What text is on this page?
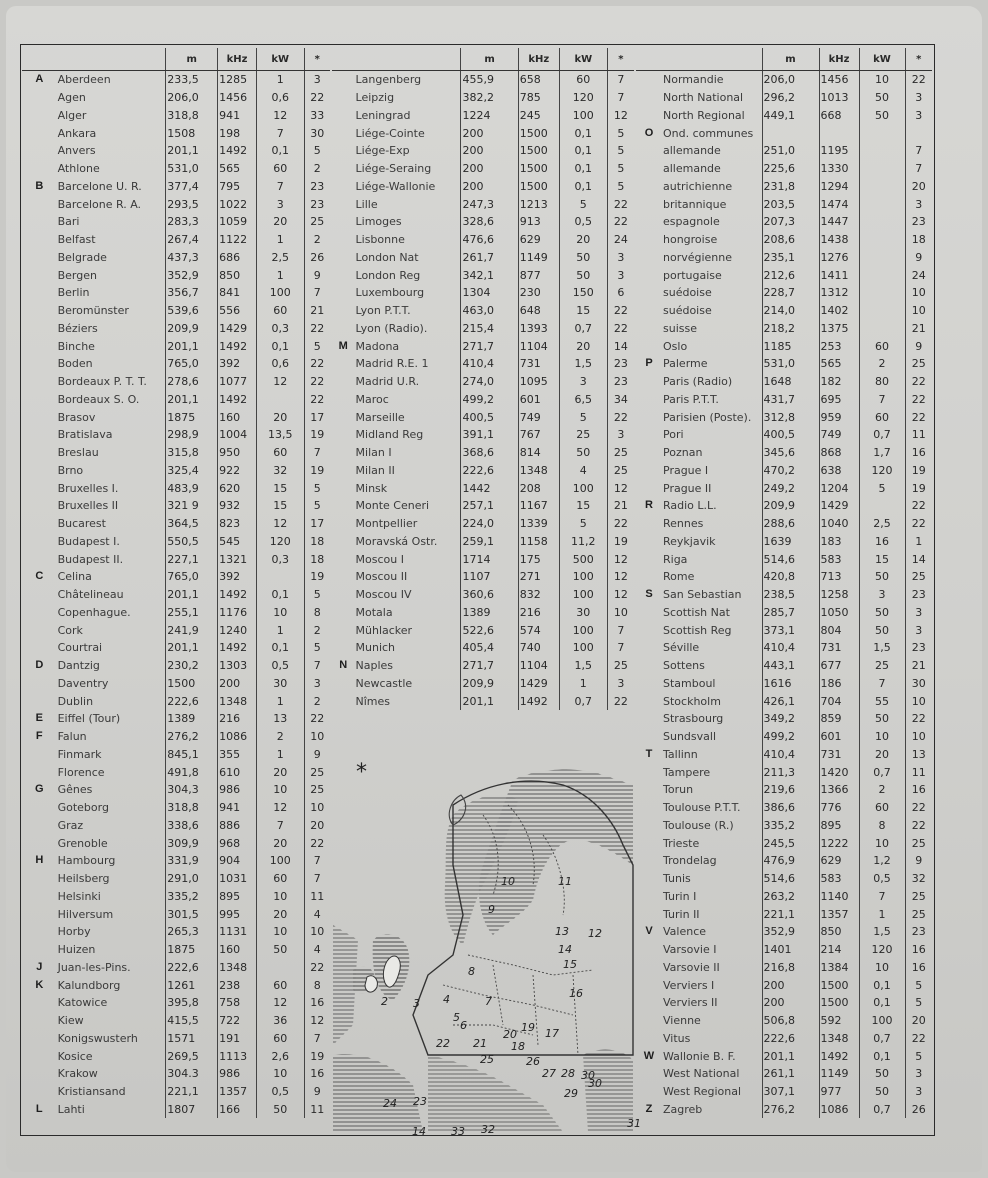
		m	kHz	kW	*
A	Aberdeen	233,5	1285	1	3
	Agen	206,0	1456	0,6	22
	Alger	318,8	941	12	33
	Ankara	1508	198	7	30
	Anvers	201,1	1492	0,1	5
	Athlone	531,0	565	60	2
B	Barcelone U. R.	377,4	795	7	23
	Barcelone R. A.	293,5	1022	3	23
	Bari	283,3	1059	20	25
	Belfast	267,4	1122	1	2
	Belgrade	437,3	686	2,5	26
	Bergen	352,9	850	1	9
	Berlin	356,7	841	100	7
	Beromünster	539,6	556	60	21
	Béziers	209,9	1429	0,3	22
	Binche	201,1	1492	0,1	5
	Boden	765,0	392	0,6	22
	Bordeaux P. T. T.	278,6	1077	12	22
	Bordeaux S. O.	201,1	1492		22
	Brasov	1875	160	20	17
	Bratislava	298,9	1004	13,5	19
	Breslau	315,8	950	60	7
	Brno	325,4	922	32	19
	Bruxelles I.	483,9	620	15	5
	Bruxelles II	321 9	932	15	5
	Bucarest	364,5	823	12	17
	Budapest I.	550,5	545	120	18
	Budapest II.	227,1	1321	0,3	18
C	Celina	765,0	392		19
	Châtelineau	201,1	1492	0,1	5
	Copenhague.	255,1	1176	10	8
	Cork	241,9	1240	1	2
	Courtrai	201,1	1492	0,1	5
D	Dantzig	230,2	1303	0,5	7
	Daventry	1500	200	30	3
	Dublin	222,6	1348	1	2
E	Eiffel (Tour)	1389	216	13	22
F	Falun	276,2	1086	2	10
	Finmark	845,1	355	1	9
	Florence	491,8	610	20	25
G	Gênes	304,3	986	10	25
	Goteborg	318,8	941	12	10
	Graz	338,6	886	7	20
	Grenoble	309,9	968	20	22
H	Hambourg	331,9	904	100	7
	Heilsberg	291,0	1031	60	7
	Helsinki	335,2	895	10	11
	Hilversum	301,5	995	20	4
	Horby	265,3	1131	10	10
	Huizen	1875	160	50	4
J	Juan-les-Pins.	222,6	1348		22
K	Kalundborg	1261	238	60	8
	Katowice	395,8	758	12	16
	Kiew	415,5	722	36	12
	Konigswusterh	1571	191	60	7
	Kosice	269,5	1113	2,6	19
	Krakow	304.3	986	10	16
	Kristiansand	221,1	1357	0,5	9
L	Lahti	1807	166	50	11
		m	kHz	kW	*
	Langenberg	455,9	658	60	7
	Leipzig	382,2	785	120	7
	Leningrad	1224	245	100	12
	Liége-Cointe	200	1500	0,1	5
	Liége-Exp	200	1500	0,1	5
	Liége-Seraing	200	1500	0,1	5
	Liége-Wallonie	200	1500	0,1	5
	Lille	247,3	1213	5	22
	Limoges	328,6	913	0,5	22
	Lisbonne	476,6	629	20	24
	London Nat	261,7	1149	50	3
	London Reg	342,1	877	50	3
	Luxembourg	1304	230	150	6
	Lyon P.T.T.	463,0	648	15	22
	Lyon (Radio).	215,4	1393	0,7	22
M	Madona	271,7	1104	20	14
	Madrid R.E. 1	410,4	731	1,5	23
	Madrid U.R.	274,0	1095	3	23
	Maroc	499,2	601	6,5	34
	Marseille	400,5	749	5	22
	Midland Reg	391,1	767	25	3
	Milan I	368,6	814	50	25
	Milan II	222,6	1348	4	25
	Minsk	1442	208	100	12
	Monte Ceneri	257,1	1167	15	21
	Montpellier	224,0	1339	5	22
	Moravská Ostr.	259,1	1158	11,2	19
	Moscou I	1714	175	500	12
	Moscou II	1107	271	100	12
	Moscou IV	360,6	832	100	12
	Motala	1389	216	30	10
	Mühlacker	522,6	574	100	7
	Munich	405,4	740	100	7
N	Naples	271,7	1104	1,5	25
	Newcastle	209,9	1429	1	3
	Nîmes	201,1	1492	0,7	22
		m	kHz	kW	*
	Normandie	206,0	1456	10	22
	North National	296,2	1013	50	3
	North Regional	449,1	668	50	3
O	Ond. communes				
	allemande	251,0	1195		7
	allemande	225,6	1330		7
	autrichienne	231,8	1294		20
	britannique	203,5	1474		3
	espagnole	207,3	1447		23
	hongroise	208,6	1438		18
	norvégienne	235,1	1276		9
	portugaise	212,6	1411		24
	suédoise	228,7	1312		10
	suédoise	214,0	1402		10
	suisse	218,2	1375		21
	Oslo	1185	253	60	9
P	Palerme	531,0	565	2	25
	Paris (Radio)	1648	182	80	22
	Paris P.T.T.	431,7	695	7	22
	Parisien (Poste).	312,8	959	60	22
	Pori	400,5	749	0,7	11
	Poznan	345,6	868	1,7	16
	Prague I	470,2	638	120	19
	Prague II	249,2	1204	5	19
R	Radio L.L.	209,9	1429		22
	Rennes	288,6	1040	2,5	22
	Reykjavik	1639	183	16	1
	Riga	514,6	583	15	14
	Rome	420,8	713	50	25
S	San Sebastian	238,5	1258	3	23
	Scottish Nat	285,7	1050	50	3
	Scottish Reg	373,1	804	50	3
	Séville	410,4	731	1,5	23
	Sottens	443,1	677	25	21
	Stamboul	1616	186	7	30
	Stockholm	426,1	704	55	10
	Strasbourg	349,2	859	50	22
	Sundsvall	499,2	601	10	10
T	Tallinn	410,4	731	20	13
	Tampere	211,3	1420	0,7	11
	Torun	219,6	1366	2	16
	Toulouse P.T.T.	386,6	776	60	22
	Toulouse (R.)	335,2	895	8	22
	Trieste	245,5	1222	10	25
	Trondelag	476,9	629	1,2	9
	Tunis	514,6	583	0,5	32
	Turin I	263,2	1140	7	25
	Turin II	221,1	1357	1	25
V	Valence	352,9	850	1,5	23
	Varsovie I	1401	214	120	16
	Varsovie II	216,8	1384	10	16
	Verviers I	200	1500	0,1	5
	Verviers II	200	1500	0,1	5
	Vienne	506,8	592	100	20
	Vitus	222,6	1348	0,7	22
W	Wallonie B. F.	201,1	1492	0,1	5
	West National	261,1	1149	50	3
	West Regional	307,1	977	50	3
Z	Zagreb	276,2	1086	0,7	26
*
2 3 4
5
6
7
8
9
10	11
12
13
14
15
16
17
18
19
20
21
22
23
24
25	26
27 28
29
30
30
31
32
33
14
